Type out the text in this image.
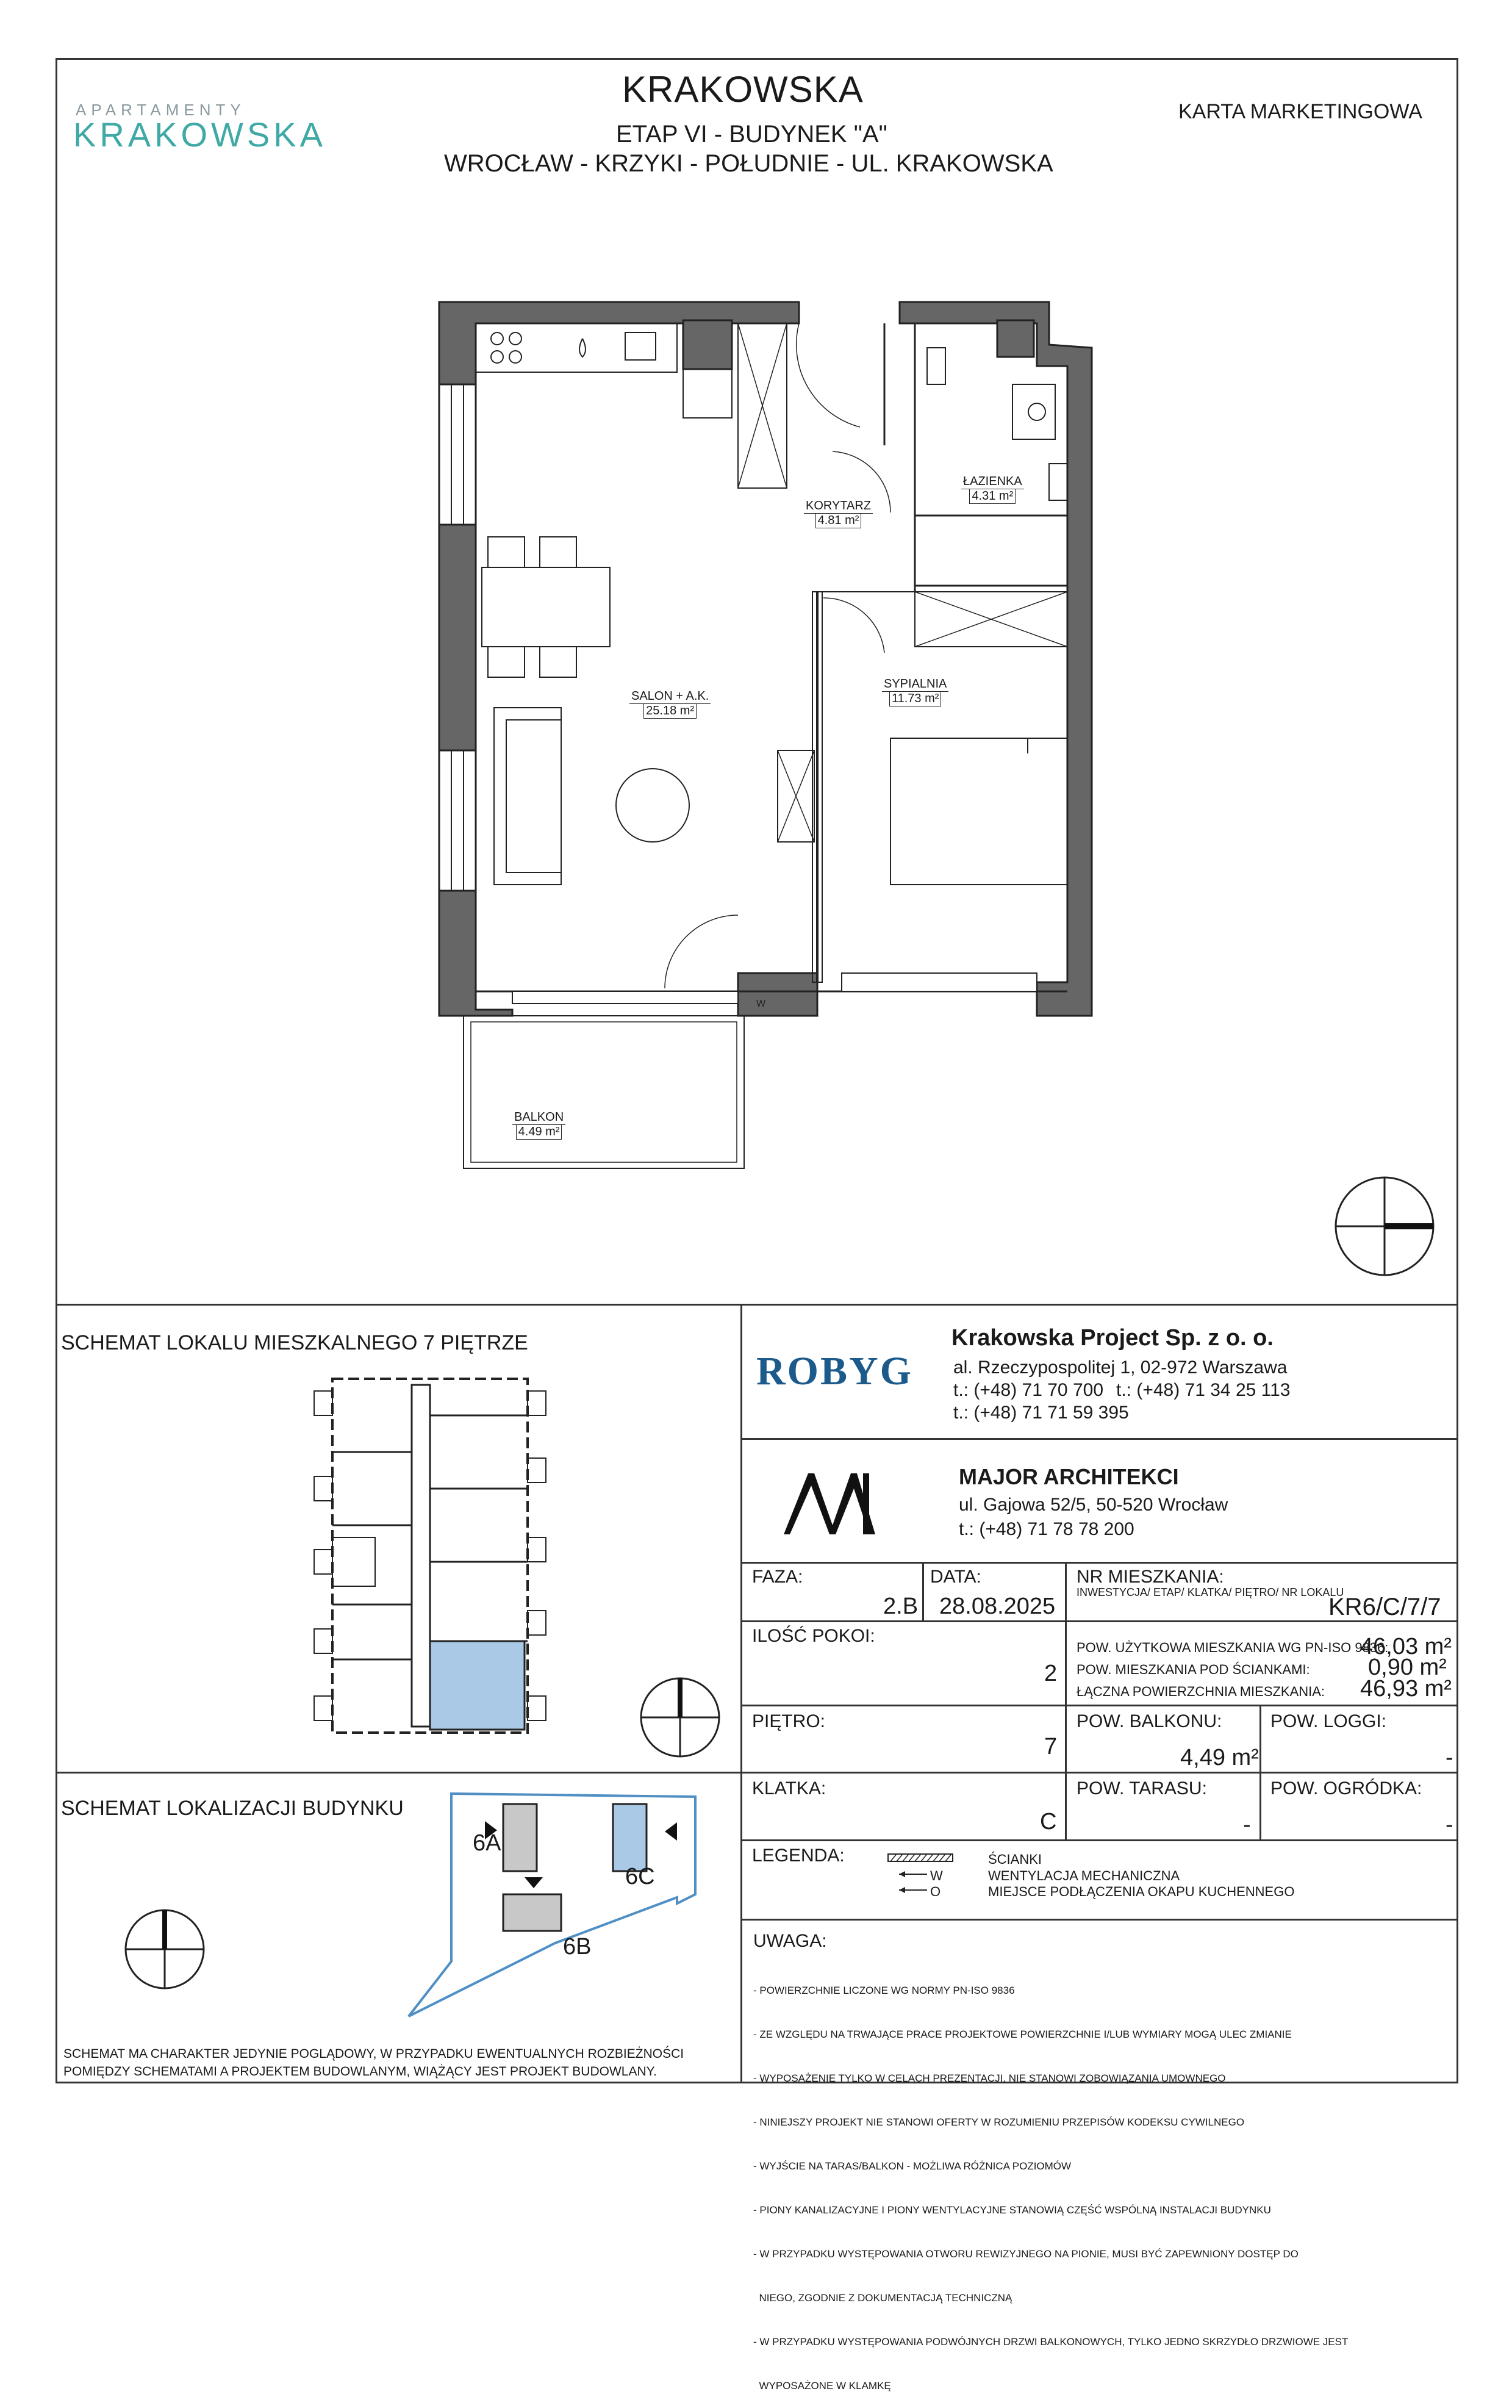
APARTAMENTY
KRAKOWSKA
KRAKOWSKA
ETAP VI - BUDYNEK "A"
WROCŁAW - KRZYKI - POŁUDNIE - UL. KRAKOWSKA
KARTA MARKETINGOWA
W
KORYTARZ
4.81 m²
ŁAZIENKA
4.31 m²
SALON + A.K.
25.18 m²
SYPIALNIA
11.73 m²
BALKON
4.49 m²
SCHEMAT LOKALU MIESZKALNEGO 7 PIĘTRZE
SCHEMAT LOKALIZACJI BUDYNKU
6A
6B
6C
SCHEMAT MA CHARAKTER JEDYNIE POGLĄDOWY, W PRZYPADKU EWENTUALNYCH ROZBIEŻNOŚCI POMIĘDZY SCHEMATAMI A PROJEKTEM BUDOWLANYM, WIĄŻĄCY JEST PROJEKT BUDOWLANY.
ROBYG
Krakowska Project Sp. z o. o.
al. Rzeczypospolitej 1, 02-972 Warszawa
t.: (+48) 71 70 700 t.: (+48) 71 34 25 113
t.: (+48) 71 71 59 395
MAJOR ARCHITEKCI
ul. Gajowa 52/5, 50-520 Wrocław
t.: (+48) 71 78 78 200
FAZA:
2.B
DATA:
28.08.2025
NR MIESZKANIA:
INWESTYCJA/ ETAP/ KLATKA/ PIĘTRO/ NR LOKALU
KR6/C/7/7
ILOŚĆ POKOI:
2
POW. UŻYTKOWA MIESZKANIA WG PN-ISO 9836:
46,03 m²
POW. MIESZKANIA POD ŚCIANKAMI:	0,90 m²
ŁĄCZNA POWIERZCHNIA MIESZKANIA: 46,93 m²
PIĘTRO:
7
POW. BALKONU:
4,49 m²
POW. LOGGI:
-
KLATKA:
C
POW. TARASU:
-
POW. OGRÓDKA:
-
LEGENDA:
W
O
ŚCIANKI
WENTYLACJA MECHANICZNA
MIEJSCE PODŁĄCZENIA OKAPU KUCHENNEGO
UWAGA:

- POWIERZCHNIE LICZONE WG NORMY PN-ISO 9836

- ZE WZGLĘDU NA TRWAJĄCE PRACE PROJEKTOWE POWIERZCHNIE I/LUB WYMIARY MOGĄ ULEC ZMIANIE

- WYPOSAŻENIE TYLKO W CELACH PREZENTACJI, NIE STANOWI ZOBOWIĄZANIA UMOWNEGO

- NINIEJSZY PROJEKT NIE STANOWI OFERTY W ROZUMIENIU PRZEPISÓW KODEKSU CYWILNEGO

- WYJŚCIE NA TARAS/BALKON - MOŻLIWA RÓŻNICA POZIOMÓW

- PIONY KANALIZACYJNE I PIONY WENTYLACYJNE STANOWIĄ CZĘŚĆ WSPÓLNĄ INSTALACJI BUDYNKU

- W PRZYPADKU WYSTĘPOWANIA OTWORU REWIZYJNEGO NA PIONIE, MUSI BYĆ ZAPEWNIONY DOSTĘP DO

NIEGO, ZGODNIE Z DOKUMENTACJĄ TECHNICZNĄ

- W PRZYPADKU WYSTĘPOWANIA PODWÓJNYCH DRZWI BALKONOWYCH, TYLKO JEDNO SKRZYDŁO DRZWIOWE JEST

WYPOSAŻONE W KLAMKĘ
